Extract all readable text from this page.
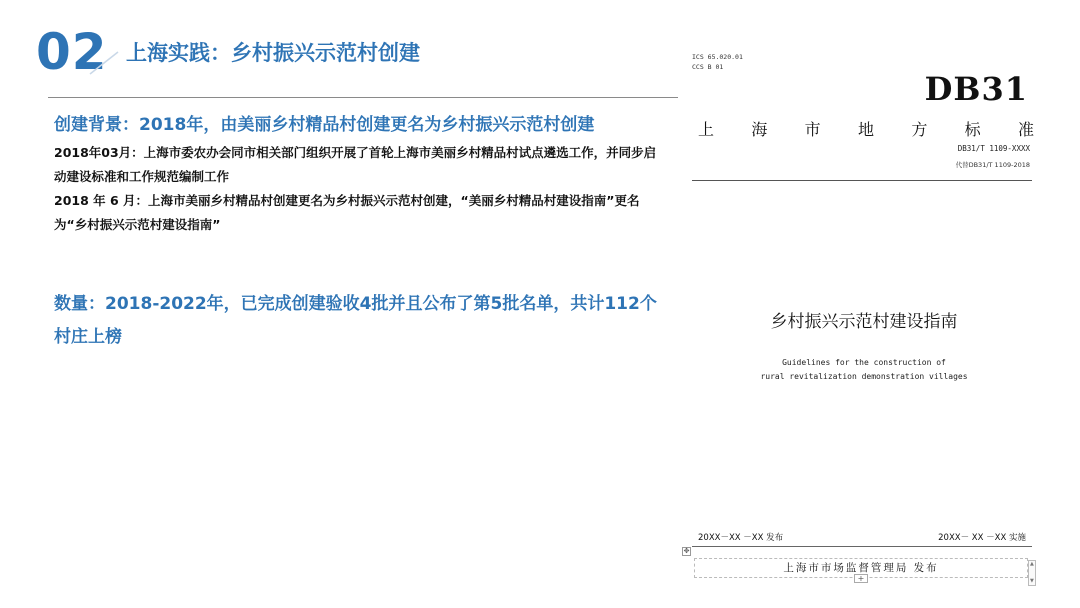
02 上海实践：乡村振兴示范村创建
创建背景：2018年，由美丽乡村精品村创建更名为乡村振兴示范村创建
2018年03月：上海市委农办会同市相关部门组织开展了首轮上海市美丽乡村精品村试点遴选工作，并同步启动建设标准和工作规范编制工作
2018 年 6 月：上海市美丽乡村精品村创建更名为乡村振兴示范村创建，“美丽乡村精品村建设指南”更名为“乡村振兴示范村建设指南”
数量：2018-2022年，已完成创建验收4批并且公布了第5批名单，共计112个村庄上榜
ICS 65.020.01
CCS B 01
DB31
上 海 市 地 方 标 准
DB31/T 1109-XXXX
代替DB31/T 1109-2018
乡村振兴示范村建设指南
Guidelines for the construction of
rural revitalization demonstration villages
20XX－XX －XX 发布	20XX－ XX －XX 实施
✥
上海市市场监督管理局 发布
+
▲
▼
